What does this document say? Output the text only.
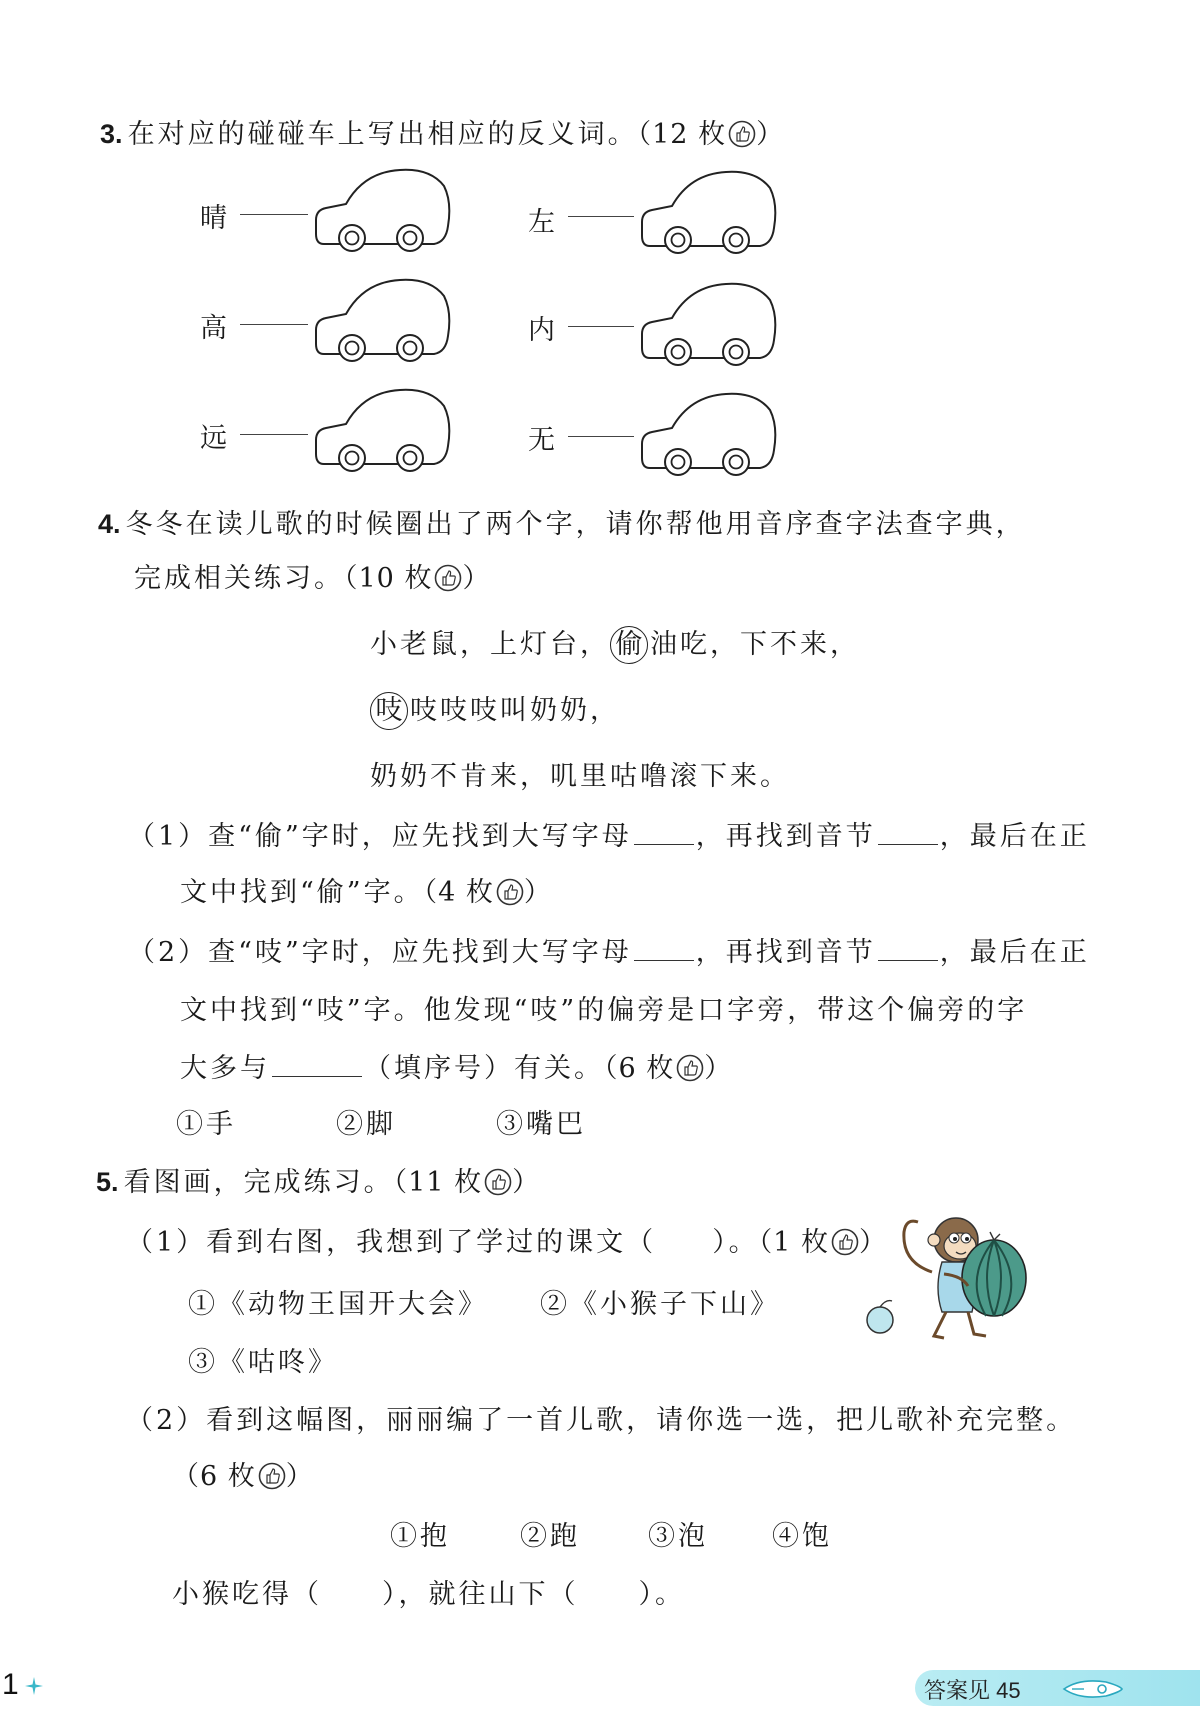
3. 在对应的碰碰车上写出相应的反义词。（12 枚 ）
晴	左
高	内
远	无
4. 冬冬在读儿歌的时候圈出了两个字，请你帮他用音序查字法查字典，
完成相关练习。（10 枚 ）
小老鼠，上灯台， 偷 油吃，下不来，
吱 吱吱吱叫奶奶，
奶奶不肯来，叽里咕噜滚下来。
（1）查“偷”字时，应先找到大写字母 ，再找到音节 ，最后在正
文中找到“偷”字。（4 枚 ）
（2）查“吱”字时，应先找到大写字母 ，再找到音节 ，最后在正
文中找到“吱”字。他发现“吱”的偏旁是口字旁，带这个偏旁的字
大多与	（填序号）有关。（6 枚 ）
①手	②脚	③嘴巴
5. 看图画，完成练习。（11 枚 ）
（1）看到右图，我想到了学过的课文（ ）。（1 枚 ）
①《动物王国开大会》 ②《小猴子下山》
③《咕咚》
（2）看到这幅图，丽丽编了一首儿歌，请你选一选，把儿歌补充完整。
（6 枚 ）
①抱	②跑	③泡 ④饱
小猴吃得（ ），就往山下（ ）。
1	答案见 45
